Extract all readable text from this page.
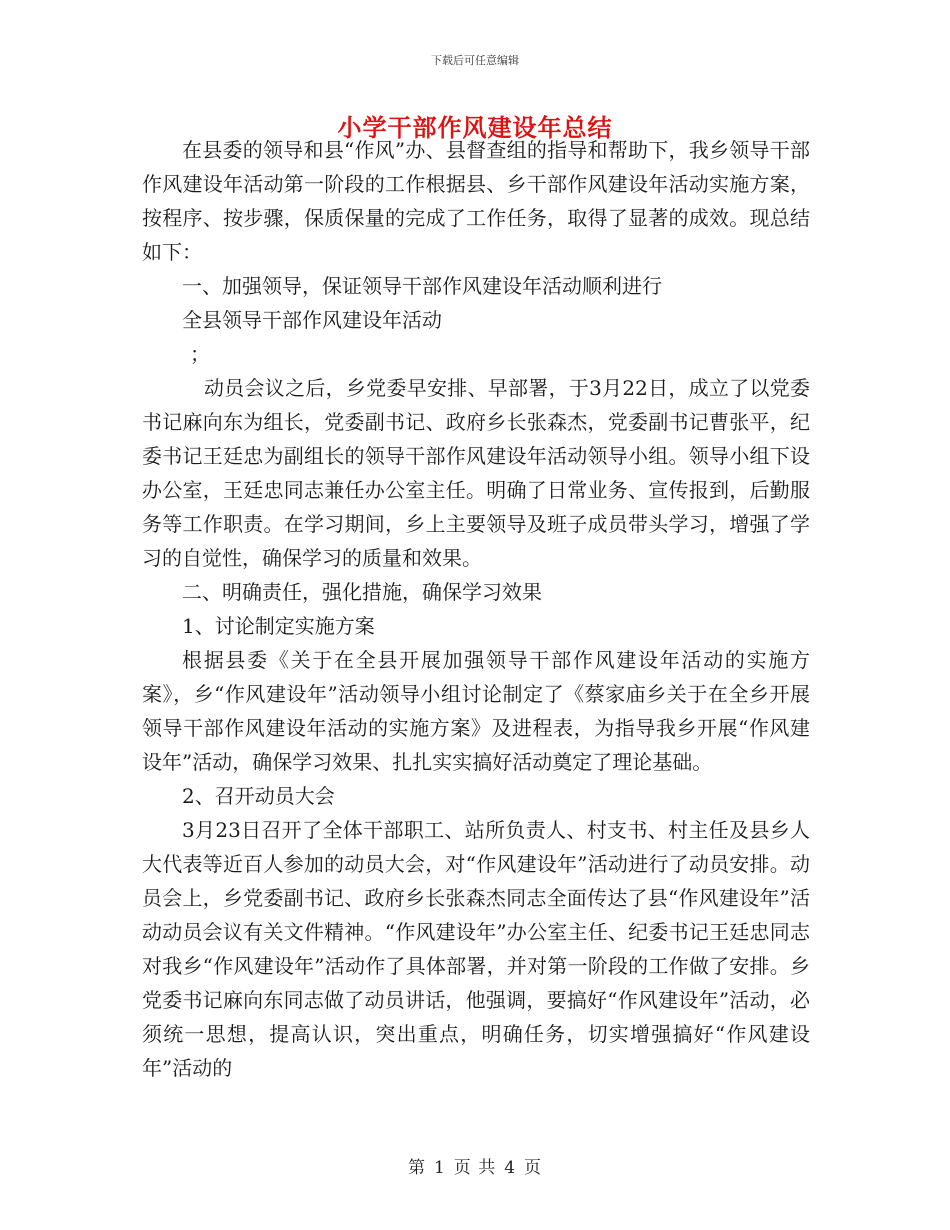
下载后可任意编辑
小学干部作风建设年总结

在县委的领导和县“作风”办、县督查组的指导和帮助下，我乡领导干部作风建设年活动第一阶段的工作根据县、乡干部作风建设年活动实施方案，按程序、按步骤，保质保量的完成了工作任务，取得了显著的成效。现总结如下：

一、加强领导，保证领导干部作风建设年活动顺利进行

全县领导干部作风建设年活动

；

动员会议之后，乡党委早安排、早部署，于3月22日，成立了以党委书记麻向东为组长，党委副书记、政府乡长张森杰，党委副书记曹张平，纪委书记王廷忠为副组长的领导干部作风建设年活动领导小组。领导小组下设办公室，王廷忠同志兼任办公室主任。明确了日常业务、宣传报到，后勤服务等工作职责。在学习期间，乡上主要领导及班子成员带头学习，增强了学习的自觉性，确保学习的质量和效果。

二、明确责任，强化措施，确保学习效果

1、讨论制定实施方案

根据县委《关于在全县开展加强领导干部作风建设年活动的实施方案》，乡“作风建设年”活动领导小组讨论制定了《蔡家庙乡关于在全乡开展领导干部作风建设年活动的实施方案》及进程表，为指导我乡开展“作风建设年”活动，确保学习效果、扎扎实实搞好活动奠定了理论基础。

2、召开动员大会

3月23日召开了全体干部职工、站所负责人、村支书、村主任及县乡人大代表等近百人参加的动员大会，对“作风建设年”活动进行了动员安排。动员会上，乡党委副书记、政府乡长张森杰同志全面传达了县“作风建设年”活动动员会议有关文件精神。“作风建设年”办公室主任、纪委书记王廷忠同志对我乡“作风建设年”活动作了具体部署，并对第一阶段的工作做了安排。乡党委书记麻向东同志做了动员讲话，他强调，要搞好“作风建设年”活动，必须统一思想，提高认识，突出重点，明确任务，切实增强搞好“作风建设年”活动的

第 1 页 共 4 页
